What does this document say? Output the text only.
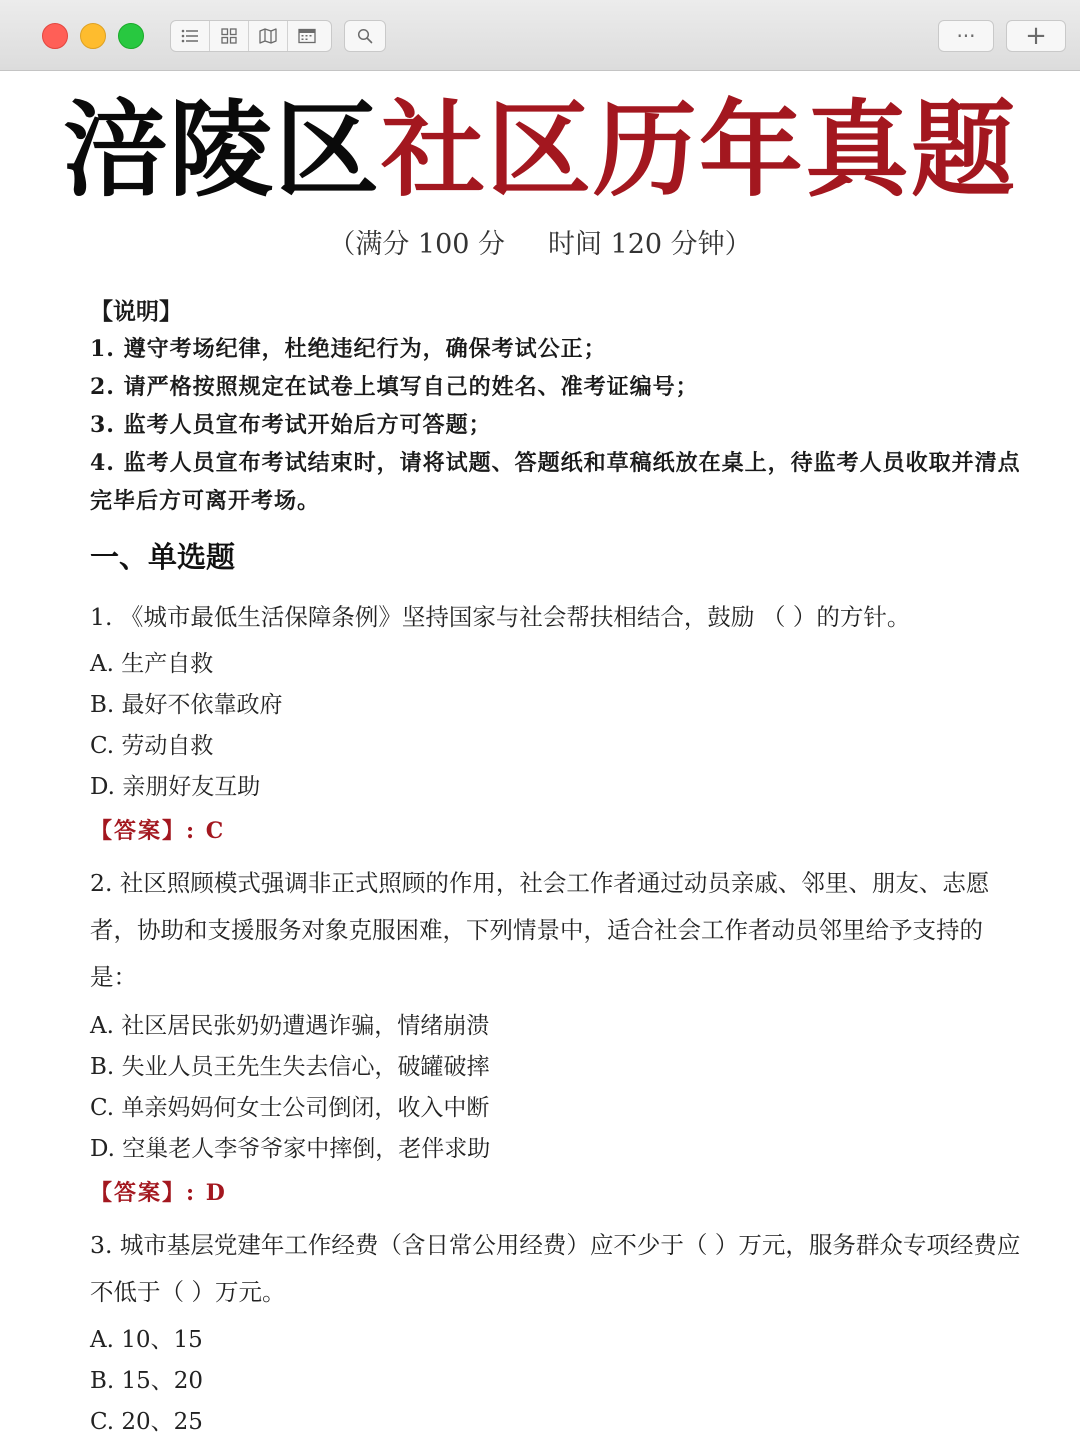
···	+
涪陵区社区历年真题
（满分 100 分     时间 120 分钟）
【说明】
1. 遵守考场纪律，杜绝违纪行为，确保考试公正；
2. 请严格按照规定在试卷上填写自己的姓名、准考证编号；
3. 监考人员宣布考试开始后方可答题；
4. 监考人员宣布考试结束时，请将试题、答题纸和草稿纸放在桌上，待监考人员收取并清点完毕后方可离开考场。
一、单选题
1. 《城市最低生活保障条例》坚持国家与社会帮扶相结合，鼓励 （ ）的方针。
A. 生产自救
B. 最好不依靠政府
C. 劳动自救
D. 亲朋好友互助
【答案】: C
2. 社区照顾模式强调非正式照顾的作用，社会工作者通过动员亲戚、邻里、朋友、志愿者，协助和支援服务对象克服困难，下列情景中，适合社会工作者动员邻里给予支持的是：
A. 社区居民张奶奶遭遇诈骗，情绪崩溃
B. 失业人员王先生失去信心，破罐破摔
C. 单亲妈妈何女士公司倒闭，收入中断
D. 空巢老人李爷爷家中摔倒，老伴求助
【答案】: D
3. 城市基层党建年工作经费（含日常公用经费）应不少于（ ）万元，服务群众专项经费应不低于（ ）万元。
A. 10、15
B. 15、20
C. 20、25
